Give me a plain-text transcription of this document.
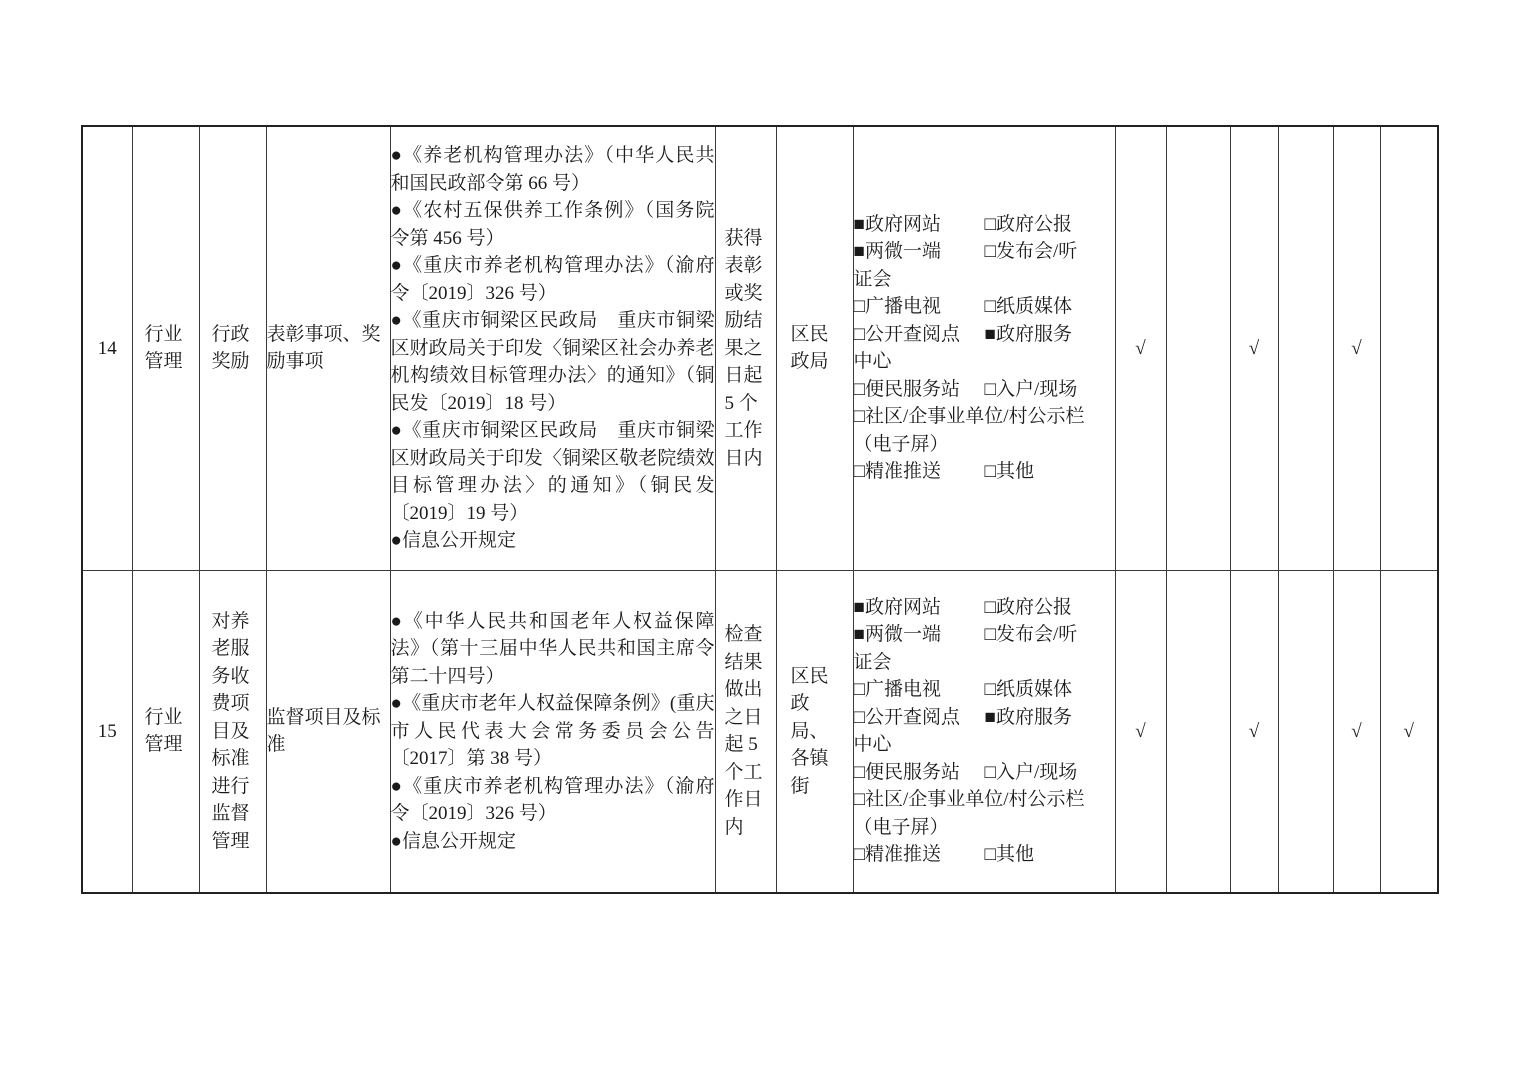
14	行业管理	行政奖励	表彰事项、奖励事项	
●《养老机构管理办法》（中华人民共和国民政部令第 66 号）
●《农村五保供养工作条例》（国务院令第 456 号）
●《重庆市养老机构管理办法》（渝府令〔2019〕326 号）
●《重庆市铜梁区民政局　重庆市铜梁区财政局关于印发〈铜梁区社会办养老机构绩效目标管理办法〉的通知》（铜民发〔2019〕18 号）
●《重庆市铜梁区民政局　重庆市铜梁区财政局关于印发〈铜梁区敬老院绩效目标管理办法〉的通知》（铜民发〔2019〕19 号）
●信息公开规定
	获得表彰或奖励结果之日起 5 个工作日内	区民政局	
■政府网站 □政府公报
■两微一端 □发布会/听
证会
□广播电视 □纸质媒体
□公开查阅点 ■政府服务
中心
□便民服务站 □入户/现场
□社区/企事业单位/村公示栏
（电子屏）
□精准推送 □其他
	√		√		√	
15	行业管理	对养老服务收费项目及标准进行监督管理	监督项目及标准	
●《中华人民共和国老年人权益保障法》（第十三届中华人民共和国主席令第二十四号）
●《重庆市老年人权益保障条例》(重庆市人民代表大会常务委员会公告〔2017〕第 38 号）
●《重庆市养老机构管理办法》（渝府令〔2019〕326 号）
●信息公开规定
	检查结果做出之日起 5 个工作日内	区民政局、各镇街	
■政府网站 □政府公报
■两微一端 □发布会/听
证会
□广播电视 □纸质媒体
□公开查阅点 ■政府服务
中心
□便民服务站 □入户/现场
□社区/企事业单位/村公示栏
（电子屏）
□精准推送 □其他
	√		√		√	√
